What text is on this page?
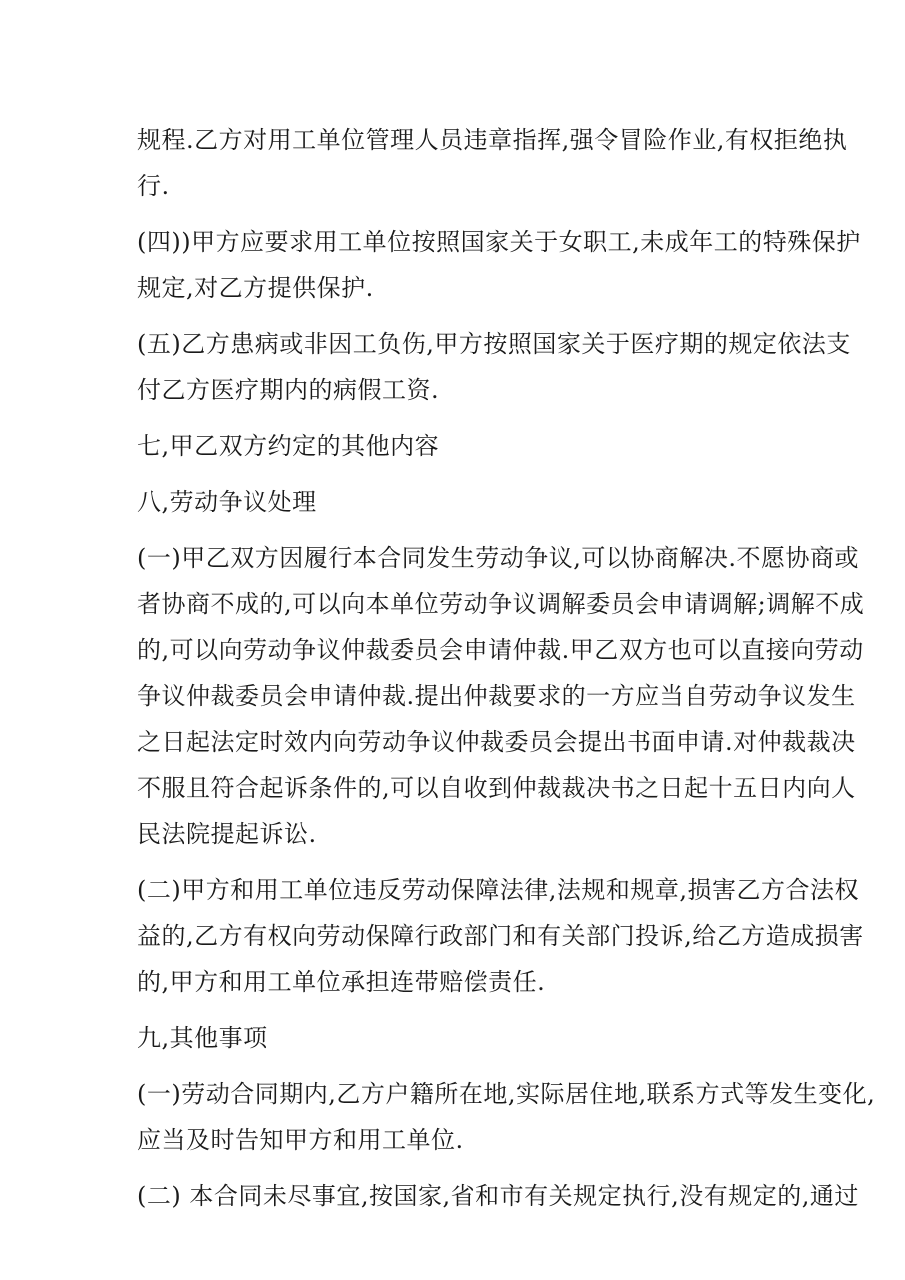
规程.乙方对用工单位管理人员违章指挥,强令冒险作业,有权拒绝执
行.
(四))甲方应要求用工单位按照国家关于女职工,未成年工的特殊保护
规定,对乙方提供保护.
(五)乙方患病或非因工负伤,甲方按照国家关于医疗期的规定依法支
付乙方医疗期内的病假工资.
七,甲乙双方约定的其他内容
八,劳动争议处理
(一)甲乙双方因履行本合同发生劳动争议,可以协商解决.不愿协商或
者协商不成的,可以向本单位劳动争议调解委员会申请调解;调解不成
的,可以向劳动争议仲裁委员会申请仲裁.甲乙双方也可以直接向劳动
争议仲裁委员会申请仲裁.提出仲裁要求的一方应当自劳动争议发生
之日起法定时效内向劳动争议仲裁委员会提出书面申请.对仲裁裁决
不服且符合起诉条件的,可以自收到仲裁裁决书之日起十五日内向人
民法院提起诉讼.
(二)甲方和用工单位违反劳动保障法律,法规和规章,损害乙方合法权
益的,乙方有权向劳动保障行政部门和有关部门投诉,给乙方造成损害
的,甲方和用工单位承担连带赔偿责任.
九,其他事项
(一)劳动合同期内,乙方户籍所在地,实际居住地,联系方式等发生变化,
应当及时告知甲方和用工单位.
(二) 本合同未尽事宜,按国家,省和市有关规定执行,没有规定的,通过
